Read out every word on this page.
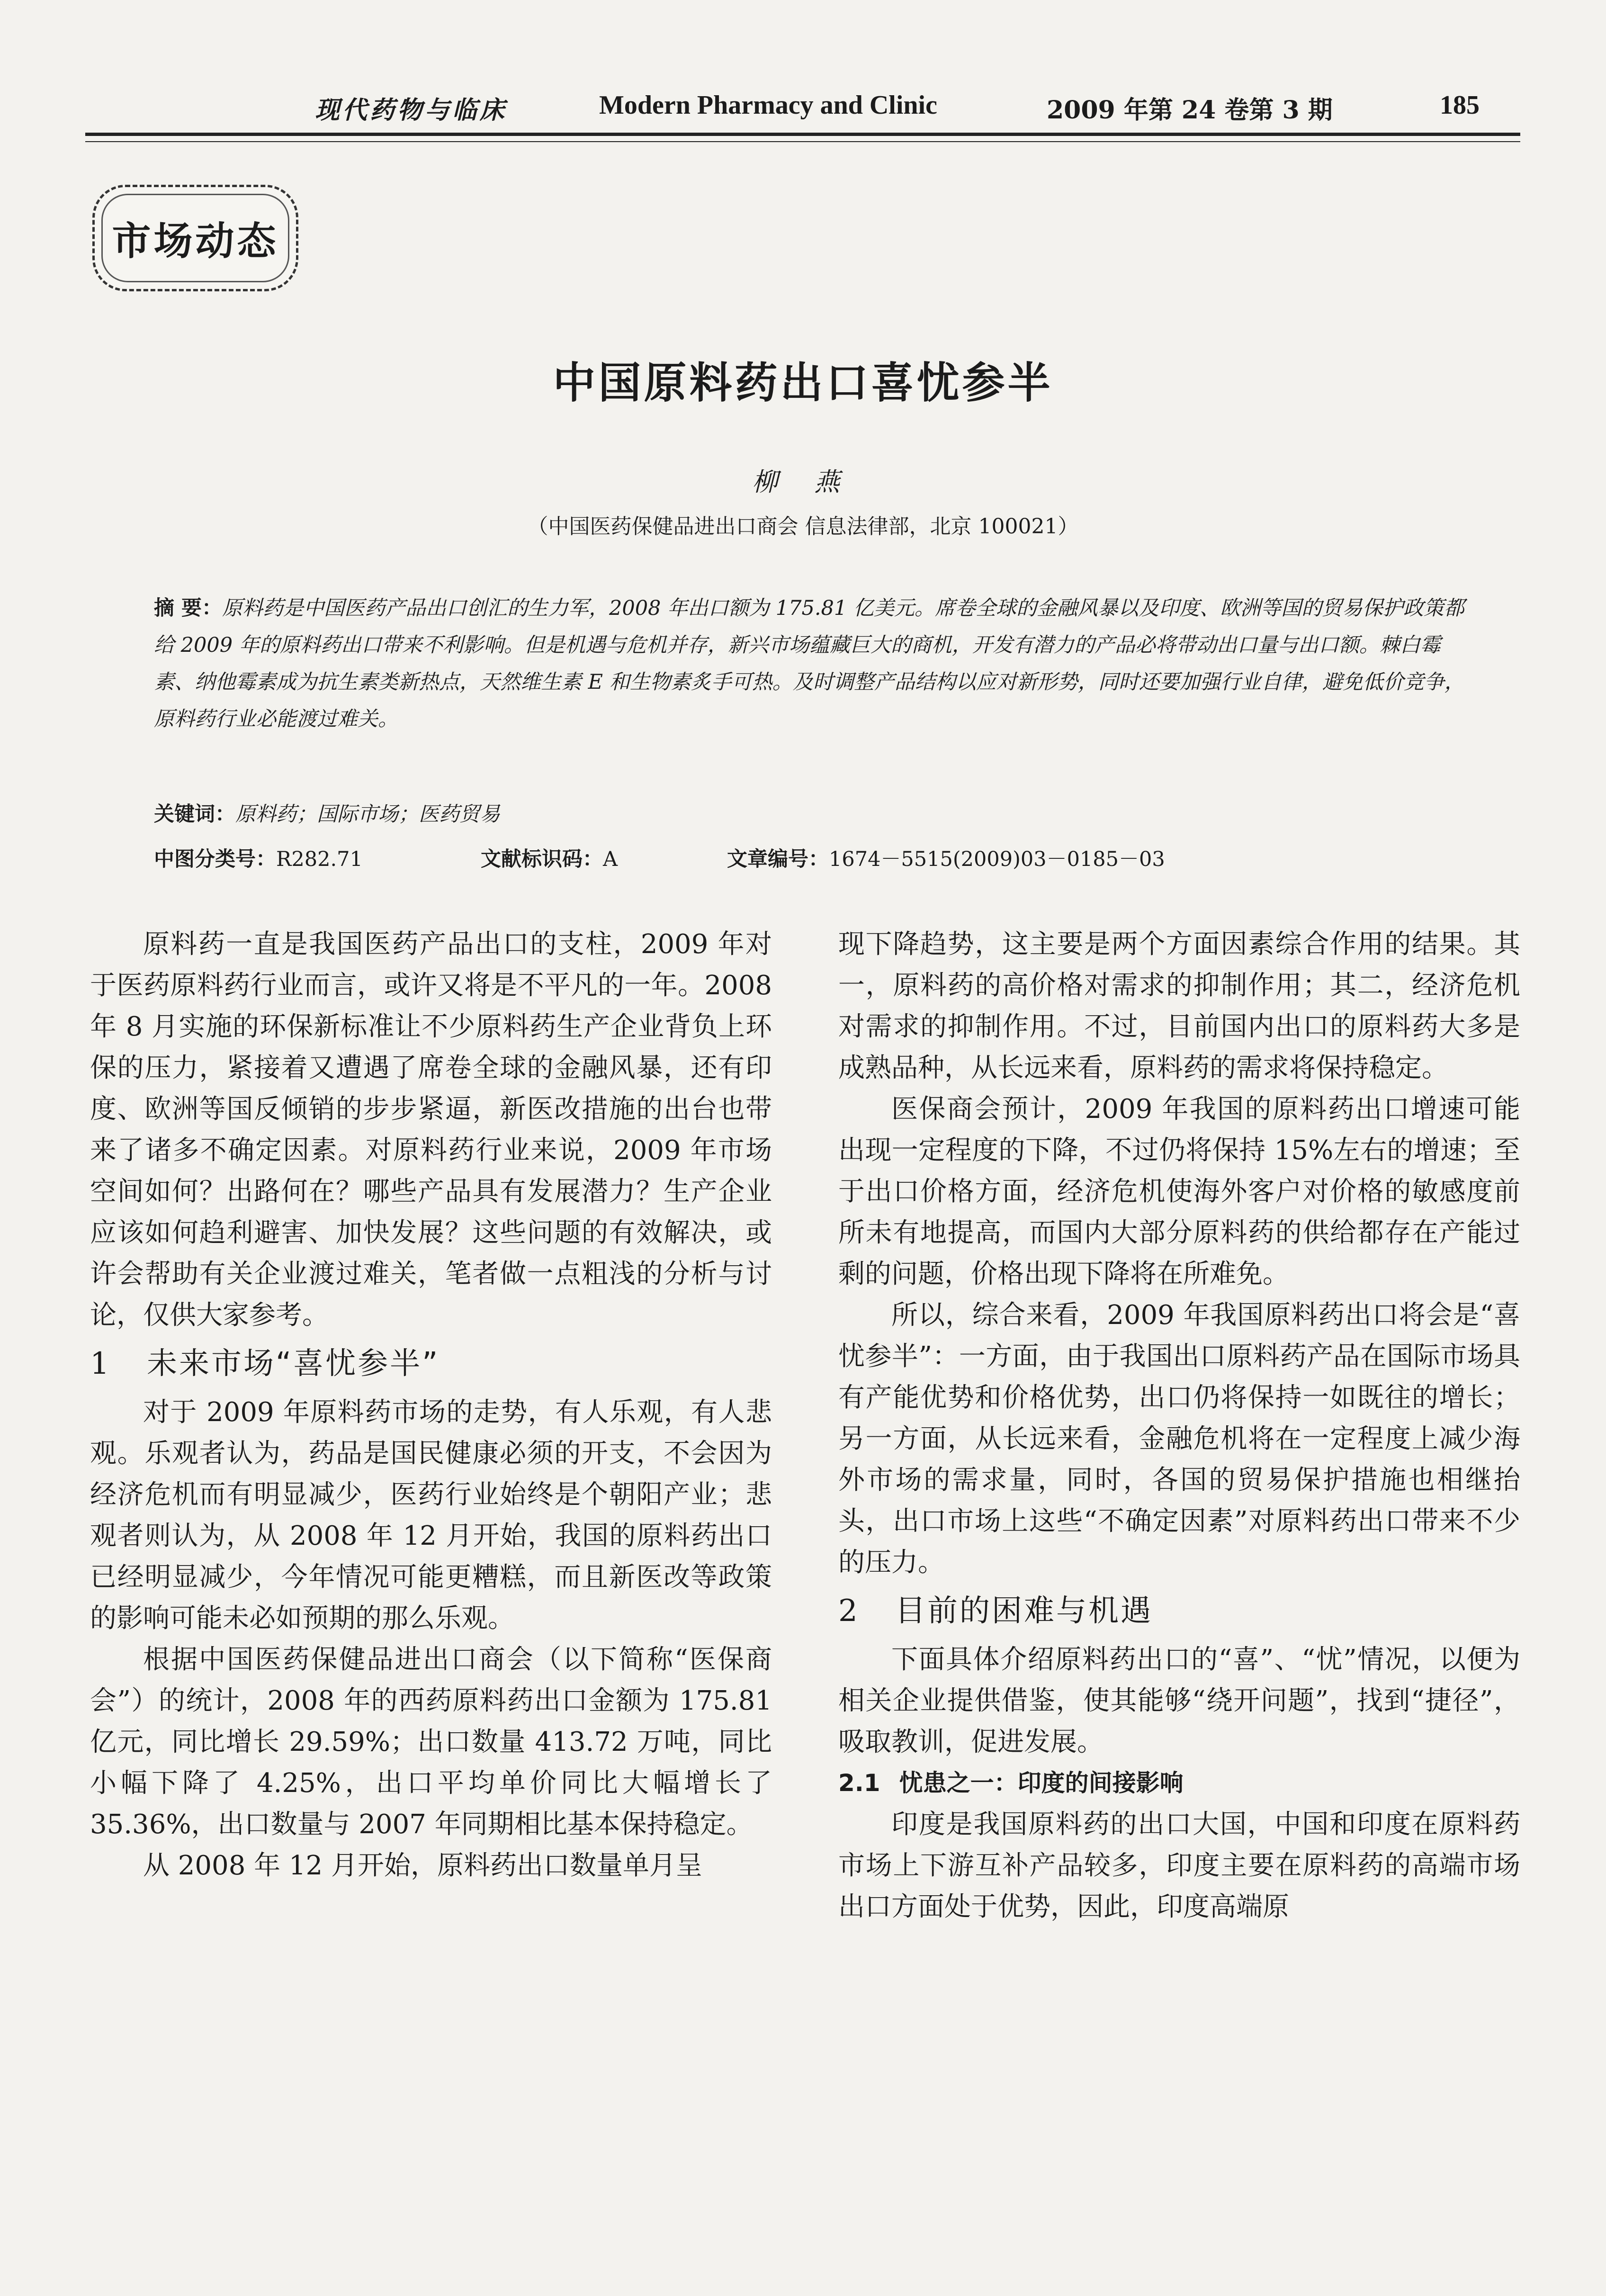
现代药物与临床	Modern Pharmacy and Clinic	2009 年第 24 卷第 3 期	185
市场动态
中国原料药出口喜忧参半
柳 燕
（中国医药保健品进出口商会 信息法律部，北京 100021）
摘 要：原料药是中国医药产品出口创汇的生力军，2008 年出口额为 175.81 亿美元。席卷全球的金融风暴以及印度、欧洲等国的贸易保护政策都给 2009 年的原料药出口带来不利影响。但是机遇与危机并存，新兴市场蕴藏巨大的商机，开发有潜力的产品必将带动出口量与出口额。棘白霉素、纳他霉素成为抗生素类新热点，天然维生素 E 和生物素炙手可热。及时调整产品结构以应对新形势，同时还要加强行业自律，避免低价竞争，原料药行业必能渡过难关。
关键词：原料药；国际市场；医药贸易
中图分类号：R282.71	文献标识码：A	文章编号：1674－5515(2009)03－0185－03

原料药一直是我国医药产品出口的支柱，2009 年对于医药原料药行业而言，或许又将是不平凡的一年。2008 年 8 月实施的环保新标准让不少原料药生产企业背负上环保的压力，紧接着又遭遇了席卷全球的金融风暴，还有印度、欧洲等国反倾销的步步紧逼，新医改措施的出台也带来了诸多不确定因素。对原料药行业来说，2009 年市场空间如何？出路何在？哪些产品具有发展潜力？生产企业应该如何趋利避害、加快发展？这些问题的有效解决，或许会帮助有关企业渡过难关，笔者做一点粗浅的分析与讨论，仅供大家参考。

1 未来市场“喜忧参半”

对于 2009 年原料药市场的走势，有人乐观，有人悲观。乐观者认为，药品是国民健康必须的开支，不会因为经济危机而有明显减少，医药行业始终是个朝阳产业；悲观者则认为，从 2008 年 12 月开始，我国的原料药出口已经明显减少，今年情况可能更糟糕，而且新医改等政策的影响可能未必如预期的那么乐观。

根据中国医药保健品进出口商会（以下简称“医保商会”）的统计，2008 年的西药原料药出口金额为 175.81 亿元，同比增长 29.59%；出口数量 413.72 万吨，同比小幅下降了 4.25%，出口平均单价同比大幅增长了 35.36%，出口数量与 2007 年同期相比基本保持稳定。

从 2008 年 12 月开始，原料药出口数量单月呈

现下降趋势，这主要是两个方面因素综合作用的结果。其一，原料药的高价格对需求的抑制作用；其二，经济危机对需求的抑制作用。不过，目前国内出口的原料药大多是成熟品种，从长远来看，原料药的需求将保持稳定。

医保商会预计，2009 年我国的原料药出口增速可能出现一定程度的下降，不过仍将保持 15%左右的增速；至于出口价格方面，经济危机使海外客户对价格的敏感度前所未有地提高，而国内大部分原料药的供给都存在产能过剩的问题，价格出现下降将在所难免。

所以，综合来看，2009 年我国原料药出口将会是“喜忧参半”：一方面，由于我国出口原料药产品在国际市场具有产能优势和价格优势，出口仍将保持一如既往的增长；另一方面，从长远来看，金融危机将在一定程度上减少海外市场的需求量，同时，各国的贸易保护措施也相继抬头，出口市场上这些“不确定因素”对原料药出口带来不少的压力。

2 目前的困难与机遇

下面具体介绍原料药出口的“喜”、“忧”情况，以便为相关企业提供借鉴，使其能够“绕开问题”，找到“捷径”，吸取教训，促进发展。

2.1 忧患之一：印度的间接影响

印度是我国原料药的出口大国，中国和印度在原料药市场上下游互补产品较多，印度主要在原料药的高端市场出口方面处于优势，因此，印度高端原
